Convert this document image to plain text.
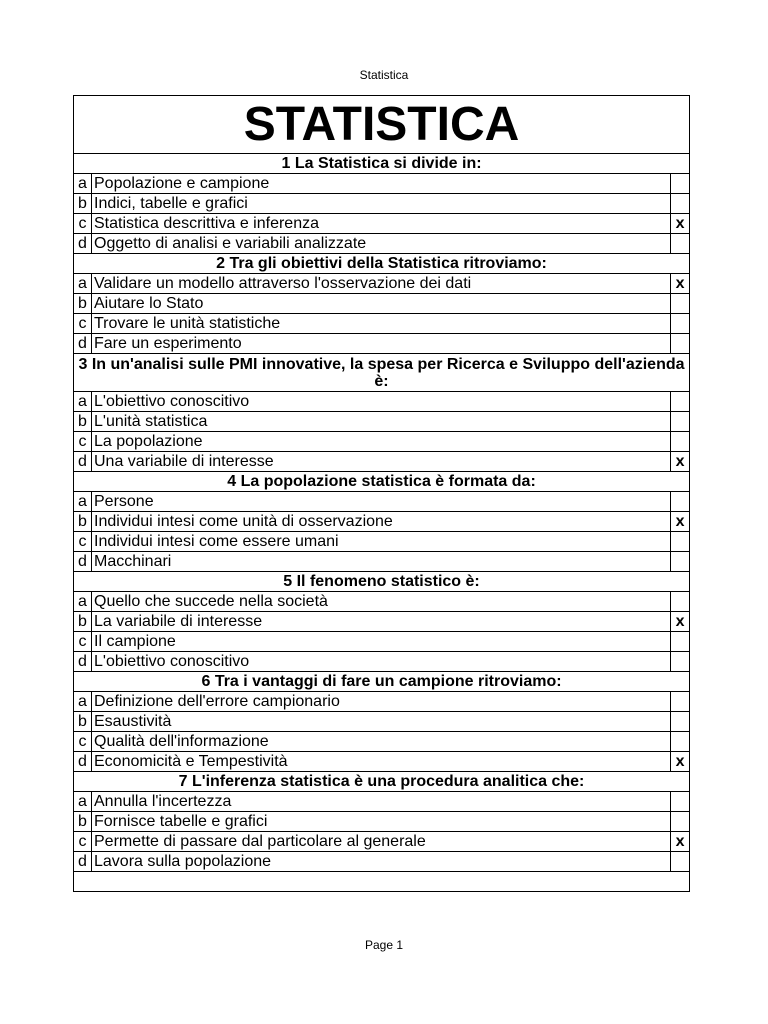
Statistica
STATISTICA		
1 La Statistica si divide in:		
a	Popolazione e campione	
b	Indici, tabelle e grafici	
c	Statistica descrittiva e inferenza	x
d	Oggetto di analisi e variabili analizzate	
2 Tra gli obiettivi della Statistica ritroviamo:		
a	Validare un modello attraverso l'osservazione dei dati	x
b	Aiutare lo Stato	
c	Trovare le unità statistiche	
d	Fare un esperimento	
3 In un'analisi sulle PMI innovative, la spesa per Ricerca e Sviluppo dell'azienda è:		
a	L'obiettivo conoscitivo	
b	L'unità statistica	
c	La popolazione	
d	Una variabile di interesse	x
4 La popolazione statistica è formata da:		
a	Persone	
b	Individui intesi come unità di osservazione	x
c	Individui intesi come essere umani	
d	Macchinari	
5 Il fenomeno statistico è:		
a	Quello che succede nella società	
b	La variabile di interesse	x
c	Il campione	
d	L'obiettivo conoscitivo	
6 Tra i vantaggi di fare un campione ritroviamo:		
a	Definizione dell'errore campionario	
b	Esaustività	
c	Qualità dell'informazione	
d	Economicità e Tempestività	x
7 L'inferenza statistica è una procedura analitica che:		
a	Annulla l'incertezza	
b	Fornisce tabelle e grafici	
c	Permette di passare dal particolare al generale	x
d	Lavora sulla popolazione	

Page 1
